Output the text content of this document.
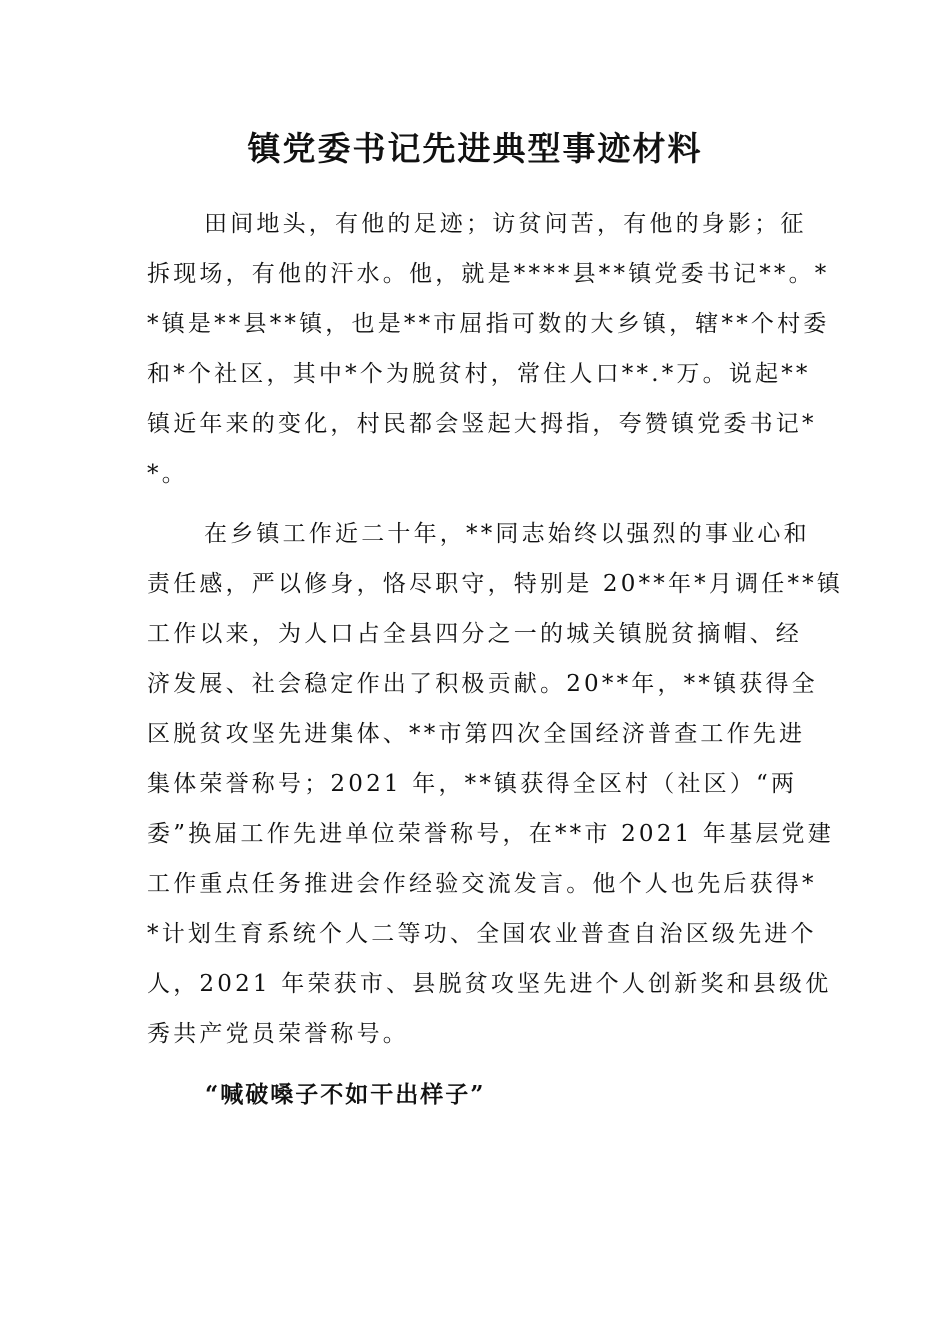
镇党委书记先进典型事迹材料
田间地头，有他的足迹；访贫问苦，有他的身影；征
拆现场，有他的汗水。他，就是****县**镇党委书记**。*
*镇是**县**镇，也是**市屈指可数的大乡镇，辖**个村委
和*个社区，其中*个为脱贫村，常住人口**.*万。说起**
镇近年来的变化，村民都会竖起大拇指，夸赞镇党委书记*
*。
在乡镇工作近二十年，**同志始终以强烈的事业心和
责任感，严以修身，恪尽职守，特别是 20**年*月调任**镇
工作以来，为人口占全县四分之一的城关镇脱贫摘帽、经
济发展、社会稳定作出了积极贡献。20**年，**镇获得全
区脱贫攻坚先进集体、**市第四次全国经济普查工作先进
集体荣誉称号；2021 年，**镇获得全区村（社区）“两
委”换届工作先进单位荣誉称号，在**市 2021 年基层党建
工作重点任务推进会作经验交流发言。他个人也先后获得*
*计划生育系统个人二等功、全国农业普查自治区级先进个
人，2021 年荣获市、县脱贫攻坚先进个人创新奖和县级优
秀共产党员荣誉称号。
“喊破嗓子不如干出样子”
